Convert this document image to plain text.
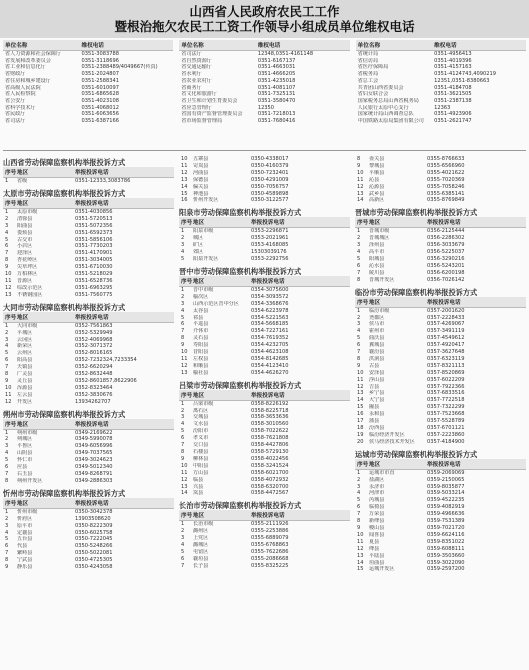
山西省人民政府农民工工作
暨根治拖欠农民工工资工作领导小组成员单位维权电话
单位名称	维权电话
省人力资源和社会保障厅	0351-3083788
省发展和改革委员会	0351-3118696
省工业和信息化厅	0351-2388489/4049667(传真)
省财政厅	0351-2024807
省住房和城乡建设厅	0351-2588341
省高级人民法院	0351-6010097
省人民检察院	0351-6865628
省公安厅	0351-4023108
省科学技术厅	0351-4068012
省民政厅	0351-6063656
省司法厅	0351-6387166
单位名称	维权电话
省司法厅	12348,0351-4161148
省自然资源厅	0351-6167137
省交通运输厅	0351-4663031
省水利厅	0351-4666205
省农业农村厅	0351-4235018
省商务厅	0351-4081107
省文化和旅游厅	0351-7325131
省卫生和计划生育委员会	0351-3580470
省应急管理厅	12350
省国有资产监督管理委员会	0351-7218013
省市场监督管理局	0351-7680416
单位名称	维权电话
省统计局	0351-4956413
省信访局	0351-4019396
省医疗保障局	0351-4157163
省税务局	0351-4124743,4090219
省总工会	12351,0351-8380663
共青团山西省委员会	0351-4184708
省妇女联合会	0351-3621505
国家税务总局山西省税务局	0351-2387138
人民银行太原中心支行	12363
国家统计局山西调查总队	0351-4923906
中国铁路太原局集团有限公司	0351-2621747
山西省劳动保障监察机构举报投诉方式
序号 地区	举报投诉电话
1	省级	0351-12333,3083786
太原市劳动保障监察机构举报投诉方式
序号 地区	举报投诉电话
1	太原市级	0351-4030856
2	清徐县	0351-5720513
3	阳曲县	0351-5072356
4	娄烦县	0351-6592373
5	古交市	0351-5856106
6	小店区	0351-7730203
7	迎泽区	0351-4170901
8	杏花岭区	0351-3034005
9	尖草坪区	0351-6710030
10	万柏林区	0351-5218029
11	晋源区	0351-6528736
12	综改示范区	0351-6963295
13	不锈钢园区	0351-7560775
大同市劳动保障监察机构举报投诉方式
序号 地区	举报投诉电话
1	大同市级	0352-7561863
2	平城区	0352-5329949
3	云冈区	0352-4069968
4	新荣区	0352-3071372
5	云州区	0352-8016165
6	阳高县	0352-7232324,7233354
7	天镇县	0352-6620294
8	广灵县	0352-8632448
9	灵丘县	0352-8601857,8622906
10	浑源县	0352-8323464
11	左云县	0352-3830676
12	开发区	13934262707
朔州市劳动保障监察机构举报投诉方式
序号 地区	举报投诉电话
1	朔州市级	0349-2169622
2	朔城区	0349-5990078
3	平鲁区	0349-6056996
4	山阴县	0349-7037565
5	怀仁市	0349-3024623
6	应县	0349-5012340
7	右玉县	0349-8268791
8	朔州开发区	0349-2886303
忻州市劳动保障监察机构举报投诉方式
序号 地区	举报投诉电话
1	忻州市级	0350-3042378
2	忻府区	13903508620
3	原平市	0350-8222309
4	定襄县	0350-6025758
5	五台县	0350-7222045
6	代县	0350-5248266
7	繁峙县	0350-5022081
8	宁武县	0350-4725305
9	静乐县	0350-4243058
10	五寨县	0350-4338017
11	岢岚县	0350-4160379
12	河曲县	0350-7232401
13	保德县	0350-4291009
14	偏关县	0350-7056757
15	神池县	0350-4589898
16	忻州开发区	0350-3122577
阳泉市劳动保障监察机构举报投诉方式
序号 地区	举报投诉电话
1	阳泉市级	0353-2296871
2	城区	0353-2021961
3	矿区	0353-4168085
4	郊区	15303039176
5	阳泉开发区	0353-2292756
晋中市劳动保障监察机构举报投诉方式
序号 地区	举报投诉电话
1	晋中市级	0354-3075600
2	榆次区	0354-3093572
3	山西示范区晋中分区	0354-3368676
4	太谷县	0354-6223978
5	祁县	0354-5221563
6	平遥县	0354-5668185
7	介休市	0354-7227161
8	灵石县	0354-7619352
9	寿阳县	0354-4232705
10	昔阳县	0354-4623108
11	左权县	0354-8142685
12	和顺县	0354-4123410
13	榆社县	0354-4626270
吕梁市劳动保障监察机构举报投诉方式
序号 地区	举报投诉电话
1	吕梁市级	0358-8226192
2	离石区	0358-8225718
3	交城县	0358-3653636
4	文水县	0358-3010560
5	汾阳市	0358-7022622
6	孝义市	0358-7621808
7	交口县	0358-4427806
8	石楼县	0358-5729130
9	柳林县	0358-4022456
10	中阳县	0358-3241524
11	方山县	0358-6021700
12	临县	0358-4072932
13	兴县	0358-6320700
14	岚县	0358-4472567
长治市劳动保障监察机构举报投诉方式
序号 地区	举报投诉电话
1	长治市级	0355-2111926
2	潞州区	0355-2253886
3	上党区	0355-6889079
4	潞城区	0355-6768863
5	屯留区	0355-7622686
6	襄垣县	0355-2086668
7	长子县	0355-8325225
8	壶关县	0355-8766633
9	黎城县	0355-6566960
10	平顺县	0355-4021622
11	沁县	0355-7020369
12	沁源县	0355-7058246
13	武乡县	0355-6385141
14	高新区	0355-8769849
晋城市劳动保障监察机构举报投诉方式
序号 地区	举报投诉电话
1	晋城市级	0356-2125444
2	晋城城区	0356-2286302
3	泽州县	0356-3033679
4	高平市	0356-5225037
5	阳城县	0356-3290216
6	沁水县	0356-5243201
7	陵川县	0356-6200198
8	晋城开发区	0356-7026142
临汾市劳动保障监察机构举报投诉方式
序号 地区	举报投诉电话
1	临汾市级	0357-2001620
2	尧都区	0357-2228433
3	侯马市	0357-4269067
4	霍州市	0357-3491119
5	曲沃县	0357-4549612
6	翼城县	0357-4920417
7	襄汾县	0357-3627648
8	洪洞县	0357-6323119
9	古县	0357-8321113
10	安泽县	0357-8520869
11	浮山县	0357-6022209
12	吉县	0357-7922366
13	乡宁县	0357-6833516
14	大宁县	0357-7722518
15	隰县	0357-7322299
16	永和县	0357-7523668
17	蒲县	0357-5528789
18	汾西县	0357-6701121
19	临汾经济开发区	0357-2223860
20	侯马经济技术开发区	0357-4184900
运城市劳动保障监察机构举报投诉方式
序号 地区	举报投诉电话
1	运城市市直	0359-2069069
2	盐湖区	0359-2150065
3	永济市	0359-8035877
4	河津市	0359-5033214
5	芮城县	0359-4522235
6	临猗县	0359-4082919
7	万荣县	0359-4966636
8	新绛县	0359-7531389
9	稷山县	0359-7021720
10	闻喜县	0359-6624116
11	夏县	0359-8351022
12	绛县	0359-6088111
13	平陆县	0359-3503660
14	垣曲县	0359-3022090
15	运城开发区	0359-2597200
